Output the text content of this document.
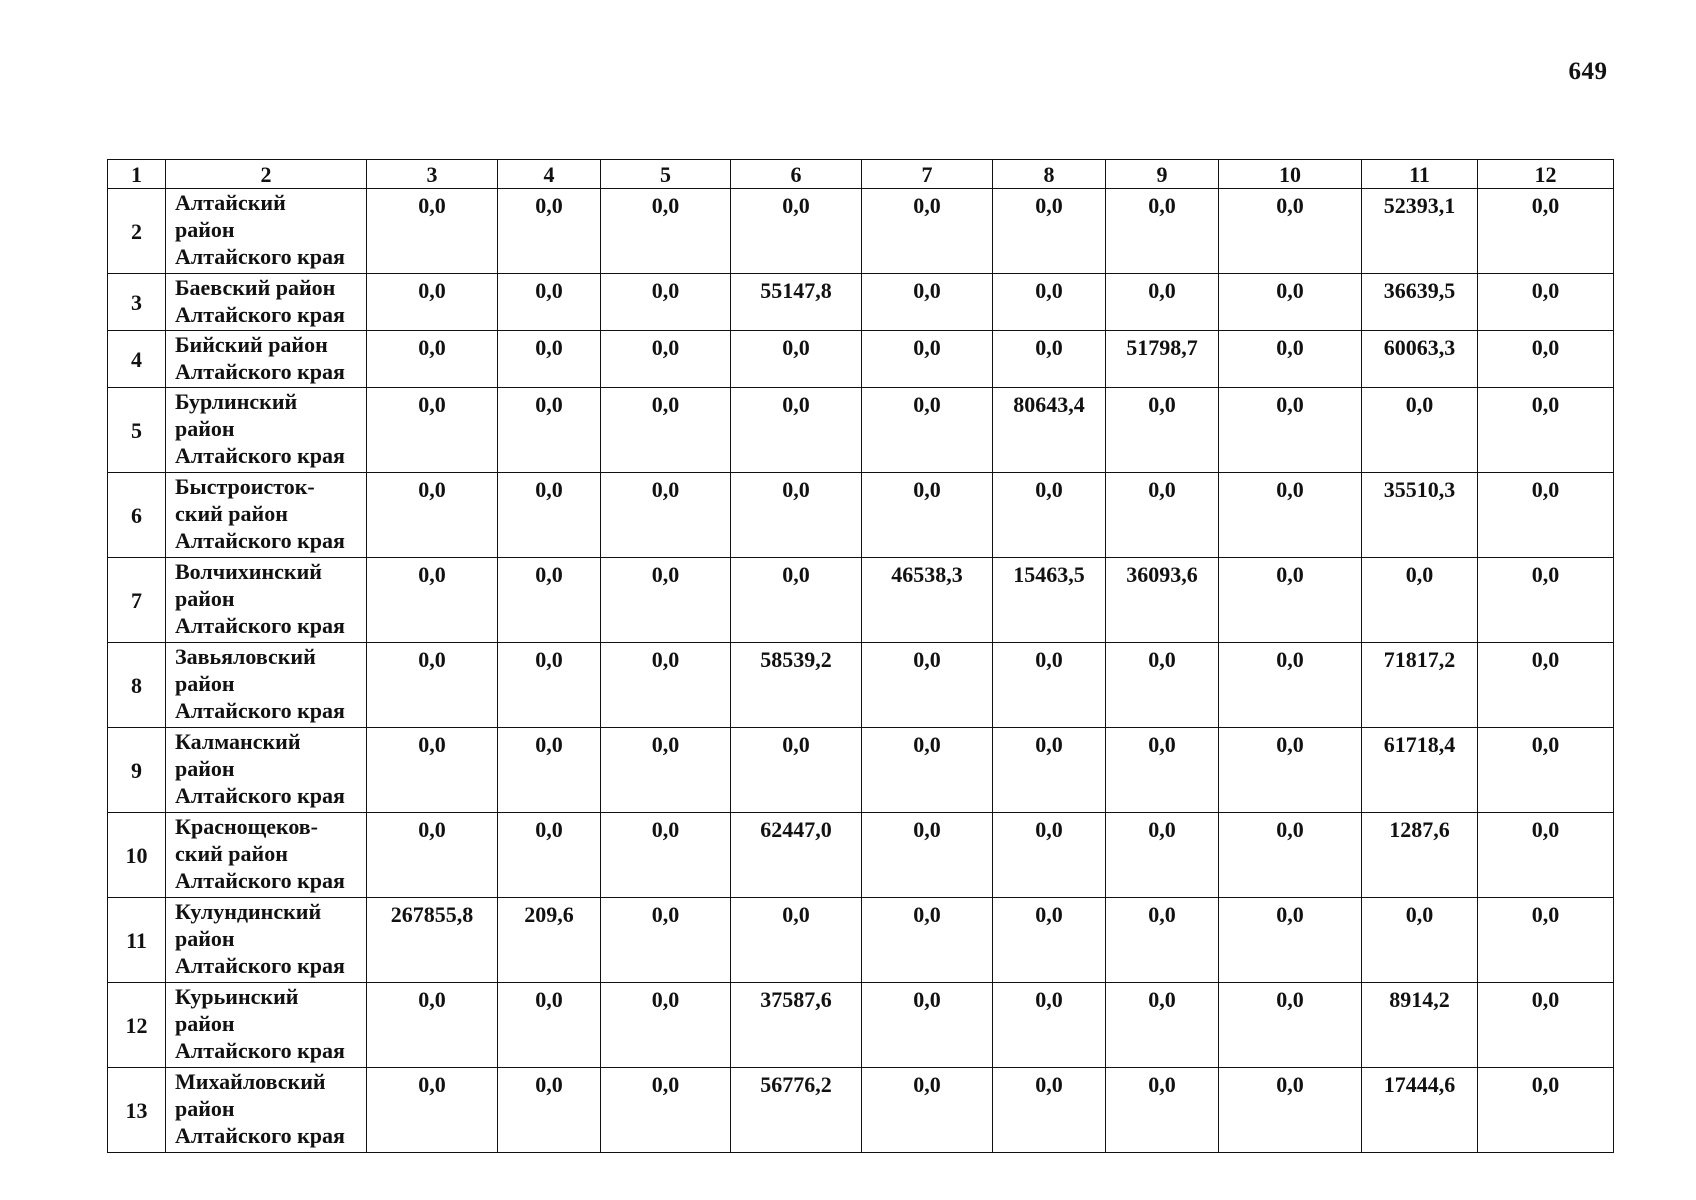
649
1	2	3	4	5	6	7	8	9	10	11	12
2	Алтайский
район
Алтайского края	0,0	0,0	0,0	0,0	0,0	0,0	0,0	0,0	52393,1	0,0
3	Баевский район
Алтайского края	0,0	0,0	0,0	55147,8	0,0	0,0	0,0	0,0	36639,5	0,0
4	Бийский район
Алтайского края	0,0	0,0	0,0	0,0	0,0	0,0	51798,7	0,0	60063,3	0,0
5	Бурлинский
район
Алтайского края	0,0	0,0	0,0	0,0	0,0	80643,4	0,0	0,0	0,0	0,0
6	Быстроисток-
ский район
Алтайского края	0,0	0,0	0,0	0,0	0,0	0,0	0,0	0,0	35510,3	0,0
7	Волчихинский
район
Алтайского края	0,0	0,0	0,0	0,0	46538,3	15463,5	36093,6	0,0	0,0	0,0
8	Завьяловский
район
Алтайского края	0,0	0,0	0,0	58539,2	0,0	0,0	0,0	0,0	71817,2	0,0
9	Калманский
район
Алтайского края	0,0	0,0	0,0	0,0	0,0	0,0	0,0	0,0	61718,4	0,0
10	Краснощеков-
ский район
Алтайского края	0,0	0,0	0,0	62447,0	0,0	0,0	0,0	0,0	1287,6	0,0
11	Кулундинский
район
Алтайского края	267855,8	209,6	0,0	0,0	0,0	0,0	0,0	0,0	0,0	0,0
12	Курьинский
район
Алтайского края	0,0	0,0	0,0	37587,6	0,0	0,0	0,0	0,0	8914,2	0,0
13	Михайловский
район
Алтайского края	0,0	0,0	0,0	56776,2	0,0	0,0	0,0	0,0	17444,6	0,0
